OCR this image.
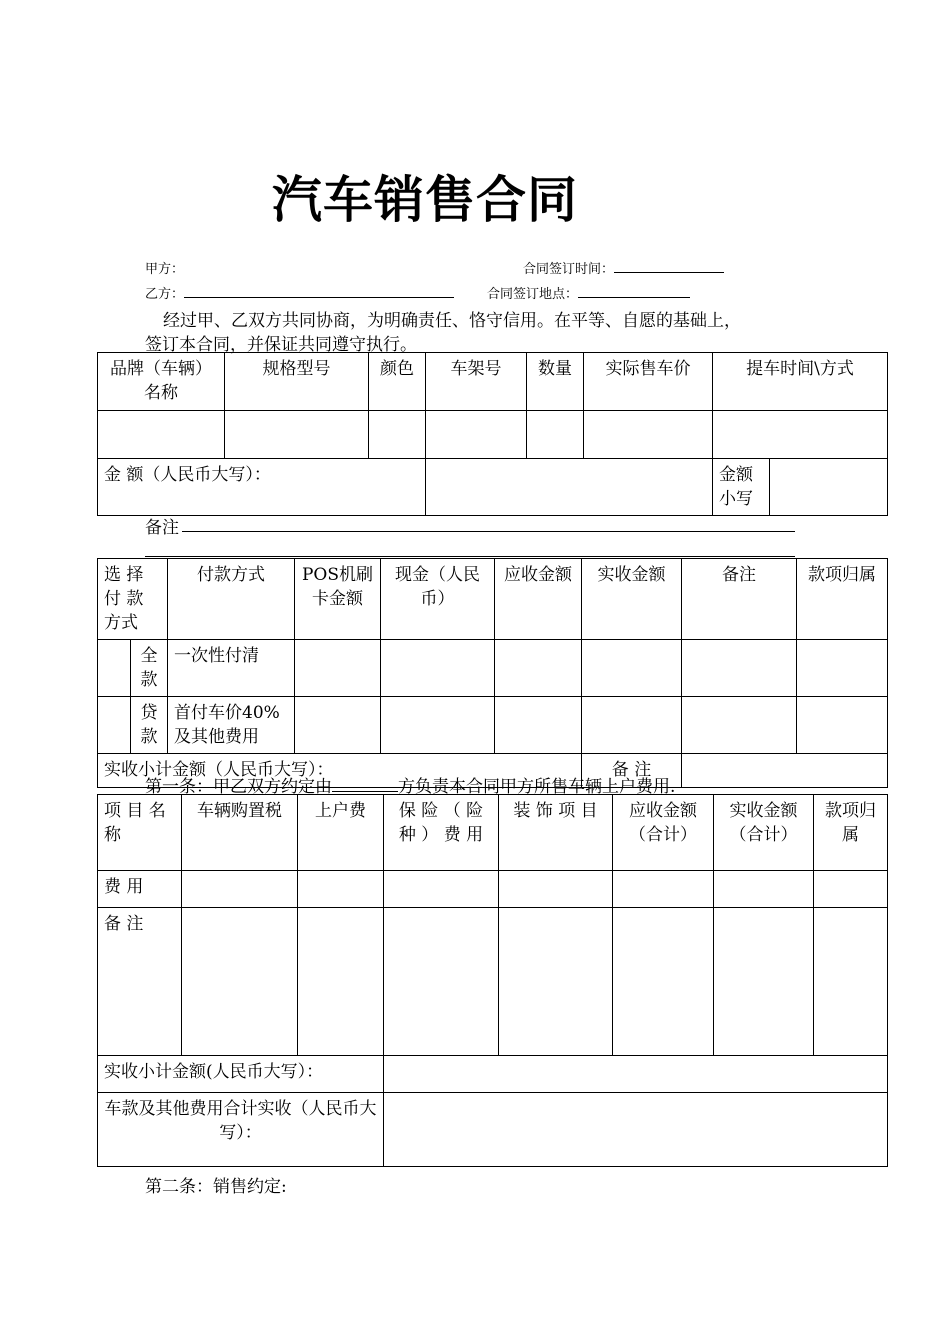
汽车销售合同
甲方：	合同签订时间：
乙方：	合同签订地点：
经过甲、乙双方共同协商，为明确责任、恪守信用。在平等、自愿的基础上，
签订本合同，并保证共同遵守执行。
品牌（车辆）名称	规格型号	颜色	车架号	数量	实际售车价	提车时间\方式	

金 额（人民币大写）：						金额小写	
备注
选 择 付 款 方式		付款方式	POS机刷卡金额	现金（人民币）	应收金额	实收金额	备注	款项归属
	全款	一次性付清						
	贷款	首付车价40%及其他费用						
实收小计金额（人民币大写）：						备 注		
第一条：甲乙双方约定由	方负责本合同甲方所售车辆上户费用.
项 目 名 称	车辆购置税	上户费	保 险 （ 险 种 ） 费 用	装 饰 项 目	应收金额（合计）	实收金额（合计）	款项归属
费 用							
备 注							
实收小计金额(人民币大写）：							
车款及其他费用合计实收（人民币大写）：							
第二条：销售约定:
